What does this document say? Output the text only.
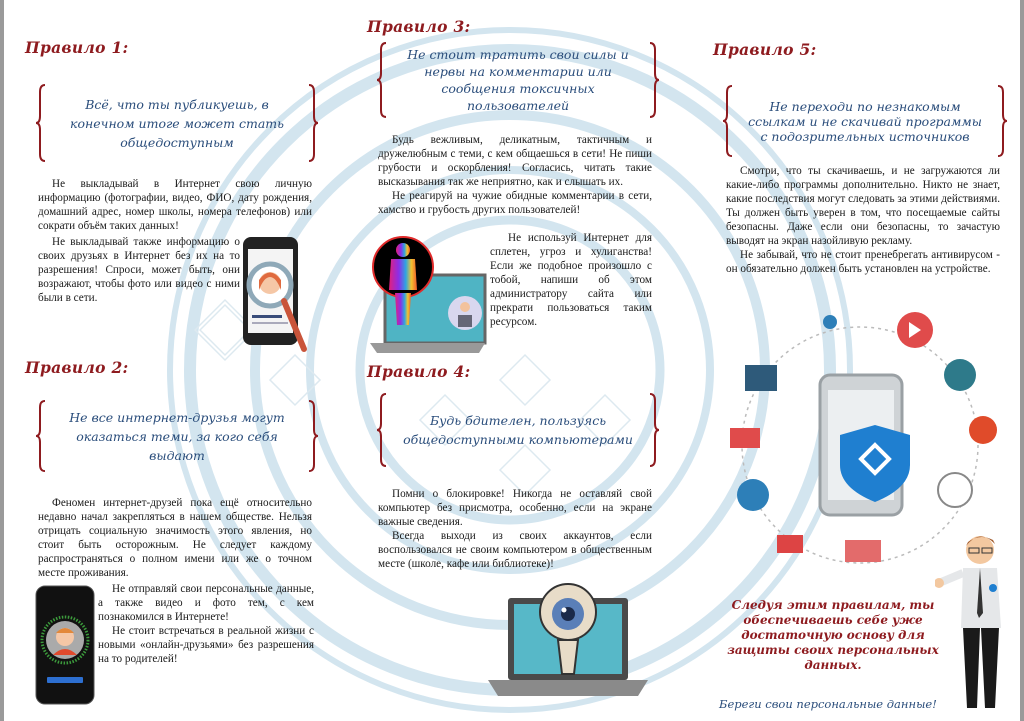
Правило 1:
Всё, что ты публикуешь, в конечном итоге может стать общедоступным

Не выкладывай в Интернет свою личную информацию (фотографии, видео, ФИО, дату рождения, домашний адрес, номер школы, номера телефонов) или сократи объём таких данных!

Не выкладывай также информацию о своих друзьях в Интернет без их на то разрешения! Спроси, может быть, они возражают, чтобы фото или видео с ними были в сети.

Правило 2:
Не все интернет-друзья могут оказаться теми, за кого себя выдают

Феномен интернет-друзей пока ещё относительно недавно начал закрепляться в нашем обществе. Нельзя отрицать социальную значимость этого явления, но стоит быть осторожным. Не следует каждому распространяться о полном имени или же о точном месте проживания.

Не отправляй свои персональные данные, а также видео и фото тем, с кем познакомился в Интернете!

Не стоит встречаться в реальной жизни с новыми «онлайн-друзьями» без разрешения на то родителей!

Правило 3:
Не стоит тратить свои силы и нервы на комментарии или сообщения токсичных пользователей

Будь вежливым, деликатным, тактичным и дружелюбным с теми, с кем общаешься в сети! Не пиши грубости и оскорбления! Согласись, читать такие высказывания так же неприятно, как и слышать их.

Не реагируй на чужие обидные комментарии в сети, хамство и грубость других пользователей!

Не используй Интернет для сплетен, угроз и хулиганства! Если же подобное произошло с тобой, напиши об этом администратору сайта или прекрати пользоваться таким ресурсом.

Правило 4:
Будь бдителен, пользуясь общедоступными компьютерами

Помни о блокировке! Никогда не оставляй свой компьютер без присмотра, особенно, если на экране важные сведения.

Всегда выходи из своих аккаунтов, если воспользовался не своим компьютером в общественным месте (школе, кафе или библиотеке)!

Правило 5:
Не переходи по незнакомым ссылкам и не скачивай программы с подозрительных источников

Смотри, что ты скачиваешь, и не загружаются ли какие-либо программы дополнительно. Никто не знает, какие последствия могут следовать за этими действиями. Ты должен быть уверен в том, что посещаемые сайты безопасны. Даже если они безопасны, то зачастую выводят на экран назойливую рекламу.

Не забывай, что не стоит пренебрегать антивирусом - он обязательно должен быть установлен на устройстве.

Следуя этим правилам, ты обеспечиваешь себе уже достаточную основу для защиты своих персональных данных.
Береги свои персональные данные!
